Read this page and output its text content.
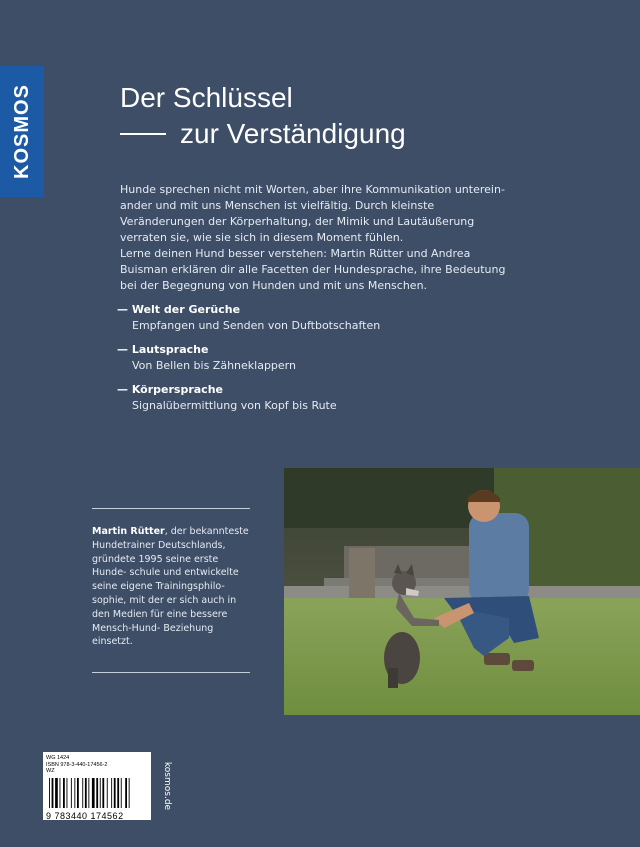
KOSMOS	Der Schlüssel
zur Verständigung

Hunde sprechen nicht mit Worten, aber ihre Kommunikation unterein- ander und mit uns Menschen ist vielfältig. Durch kleinste Veränderungen der Körperhaltung, der Mimik und Lautäußerung verraten sie, wie sie sich in diesem Moment fühlen.

Lerne deinen Hund besser verstehen: Martin Rütter und Andrea Buisman erklären dir alle Facetten der Hundesprache, ihre Bedeutung bei der Begegnung von Hunden und mit uns Menschen.

— Welt der Gerüche
Empfangen und Senden von Duftbotschaften
— Lautsprache
Von Bellen bis Zähneklappern
— Körpersprache
Signalübermittlung von Kopf bis Rute
Martin Rütter, der bekannteste Hundetrainer Deutschlands, gründete 1995 seine erste Hunde- schule und entwickelte seine eigene Trainingsphilo- sophie, mit der er sich auch in den Medien für eine bessere Mensch-Hund- Beziehung einsetzt.
WG 1424
ISBN 978-3-440-17456-2
WZ
9 783440 174562
kosmos.de
